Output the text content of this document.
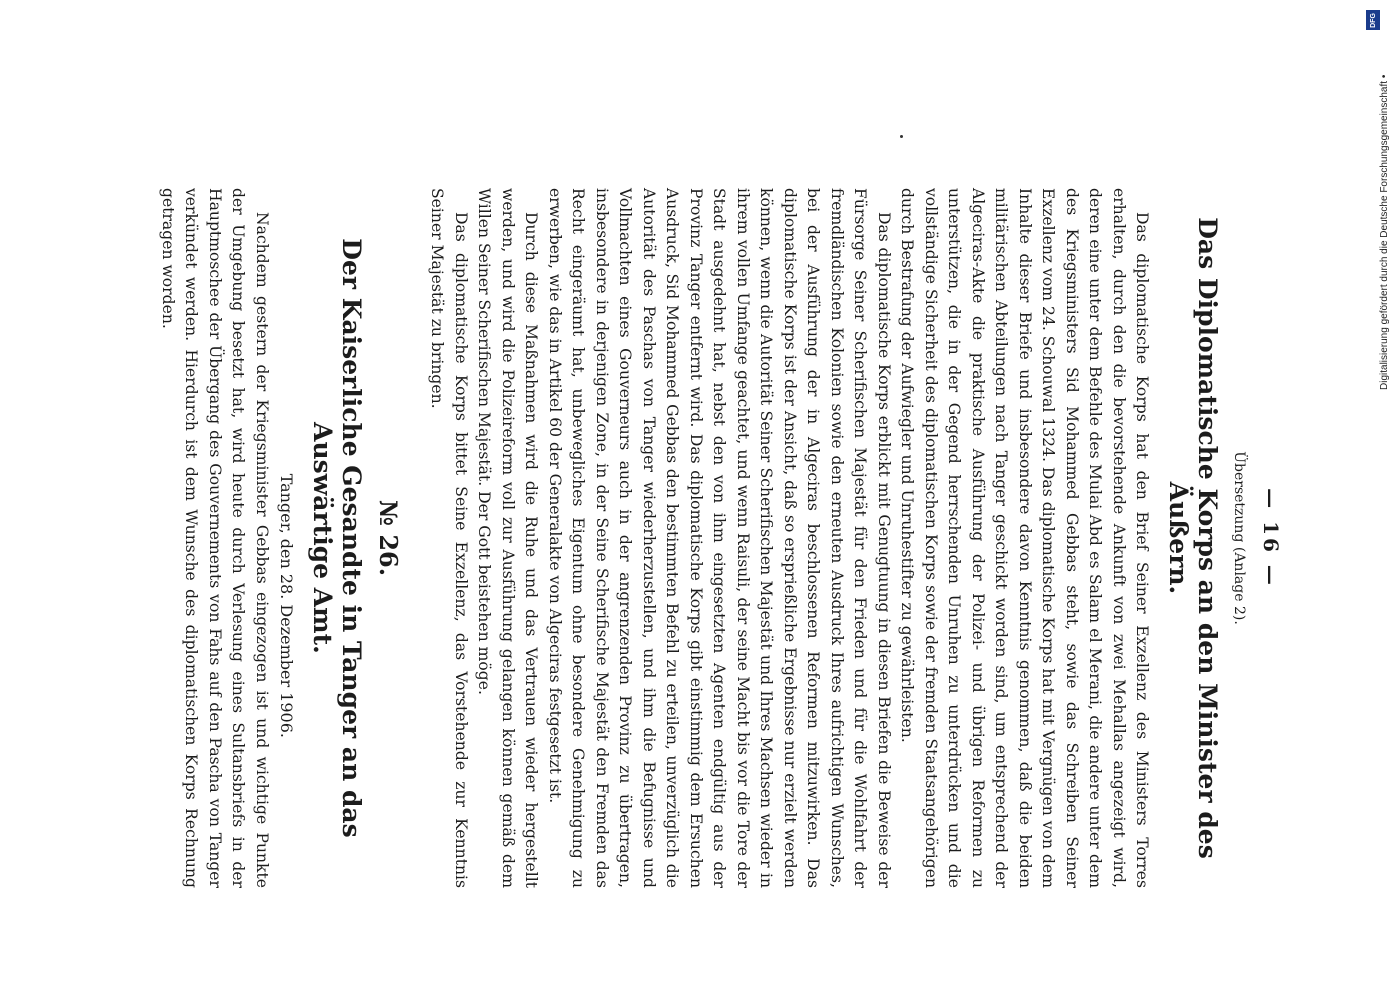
— 16 —
Übersetzung (Anlage 2).
Das Diplomatische Korps an den Minister des Äußern.

Das diplomatische Korps hat den Brief Seiner Exzellenz des Ministers Torres erhalten, durch den die bevorstehende Ankunft von zwei Mehallas angezeigt wird, deren eine unter dem Befehle des Mulai Abd es Salam el Merani, die andere unter dem des Kriegsministers Sid Mohammed Gebbas steht, sowie das Schreiben Seiner Exzellenz vom 24. Schouwal 1324. Das diplomatische Korps hat mit Vergnügen von dem Inhalte dieser Briefe und insbesondere davon Kenntnis genommen, daß die beiden militärischen Abteilungen nach Tanger geschickt worden sind, um entsprechend der Algeciras-Akte die praktische Ausführung der Polizei- und übrigen Reformen zu unterstützen, die in der Gegend herrschenden Unruhen zu unterdrücken und die vollständige Sicherheit des diplomatischen Korps sowie der fremden Staatsangehörigen durch Bestrafung der Aufwiegler und Unruhestifter zu gewährleisten.

Das diplomatische Korps erblickt mit Genugtuung in diesen Briefen die Beweise der Fürsorge Seiner Scherifischen Majestät für den Frieden und für die Wohlfahrt der fremdländischen Kolonien sowie den erneuten Ausdruck Ihres aufrichtigen Wunsches, bei der Ausführung der in Algeciras beschlossenen Reformen mitzuwirken. Das diplomatische Korps ist der Ansicht, daß so ersprießliche Ergebnisse nur erzielt werden können, wenn die Autorität Seiner Scherifischen Majestät und Ihres Machsen wieder in ihrem vollen Umfange geachtet, und wenn Raisuli, der seine Macht bis vor die Tore der Stadt ausgedehnt hat, nebst den von ihm eingesetzten Agenten endgültig aus der Provinz Tanger entfernt wird. Das diplomatische Korps gibt einstimmig dem Ersuchen Ausdruck, Sid Mohammed Gebbas den bestimmten Befehl zu erteilen, unverzüglich die Autorität des Paschas von Tanger wiederherzustellen, und ihm die Befugnisse und Vollmachten eines Gouverneurs auch in der angrenzenden Provinz zu übertragen, insbesondere in derjenigen Zone, in der Seine Scherifische Majestät den Fremden das Recht eingeräumt hat, unbewegliches Eigentum ohne besondere Genehmigung zu erwerben, wie das in Artikel 60 der Generalakte von Algeciras festgesetzt ist.

Durch diese Maßnahmen wird die Ruhe und das Vertrauen wieder hergestellt werden, und wird die Polizeireform voll zur Ausführung gelangen können gemäß dem Willen Seiner Scherifischen Majestät. Der Gott beistehen möge.

Das diplomatische Korps bittet Seine Exzellenz, das Vorstehende zur Kenntnis Seiner Majestät zu bringen.

№ 26.
Der Kaiserliche Gesandte in Tanger an das Auswärtige Amt.
Tanger, den 28. Dezember 1906.

Nachdem gestern der Kriegsminister Gebbas eingezogen ist und wichtige Punkte der Umgebung besetzt hat, wird heute durch Verlesung eines Sultansbriefs in der Hauptmoschee der Übergang des Gouvernements von Fahs auf den Pascha von Tanger verkündet werden. Hierdurch ist dem Wunsche des diplomatischen Korps Rechnung getragen worden.

DFG
Digitalisierung gefördert durch die Deutsche Forschungsgemeinschaft •
